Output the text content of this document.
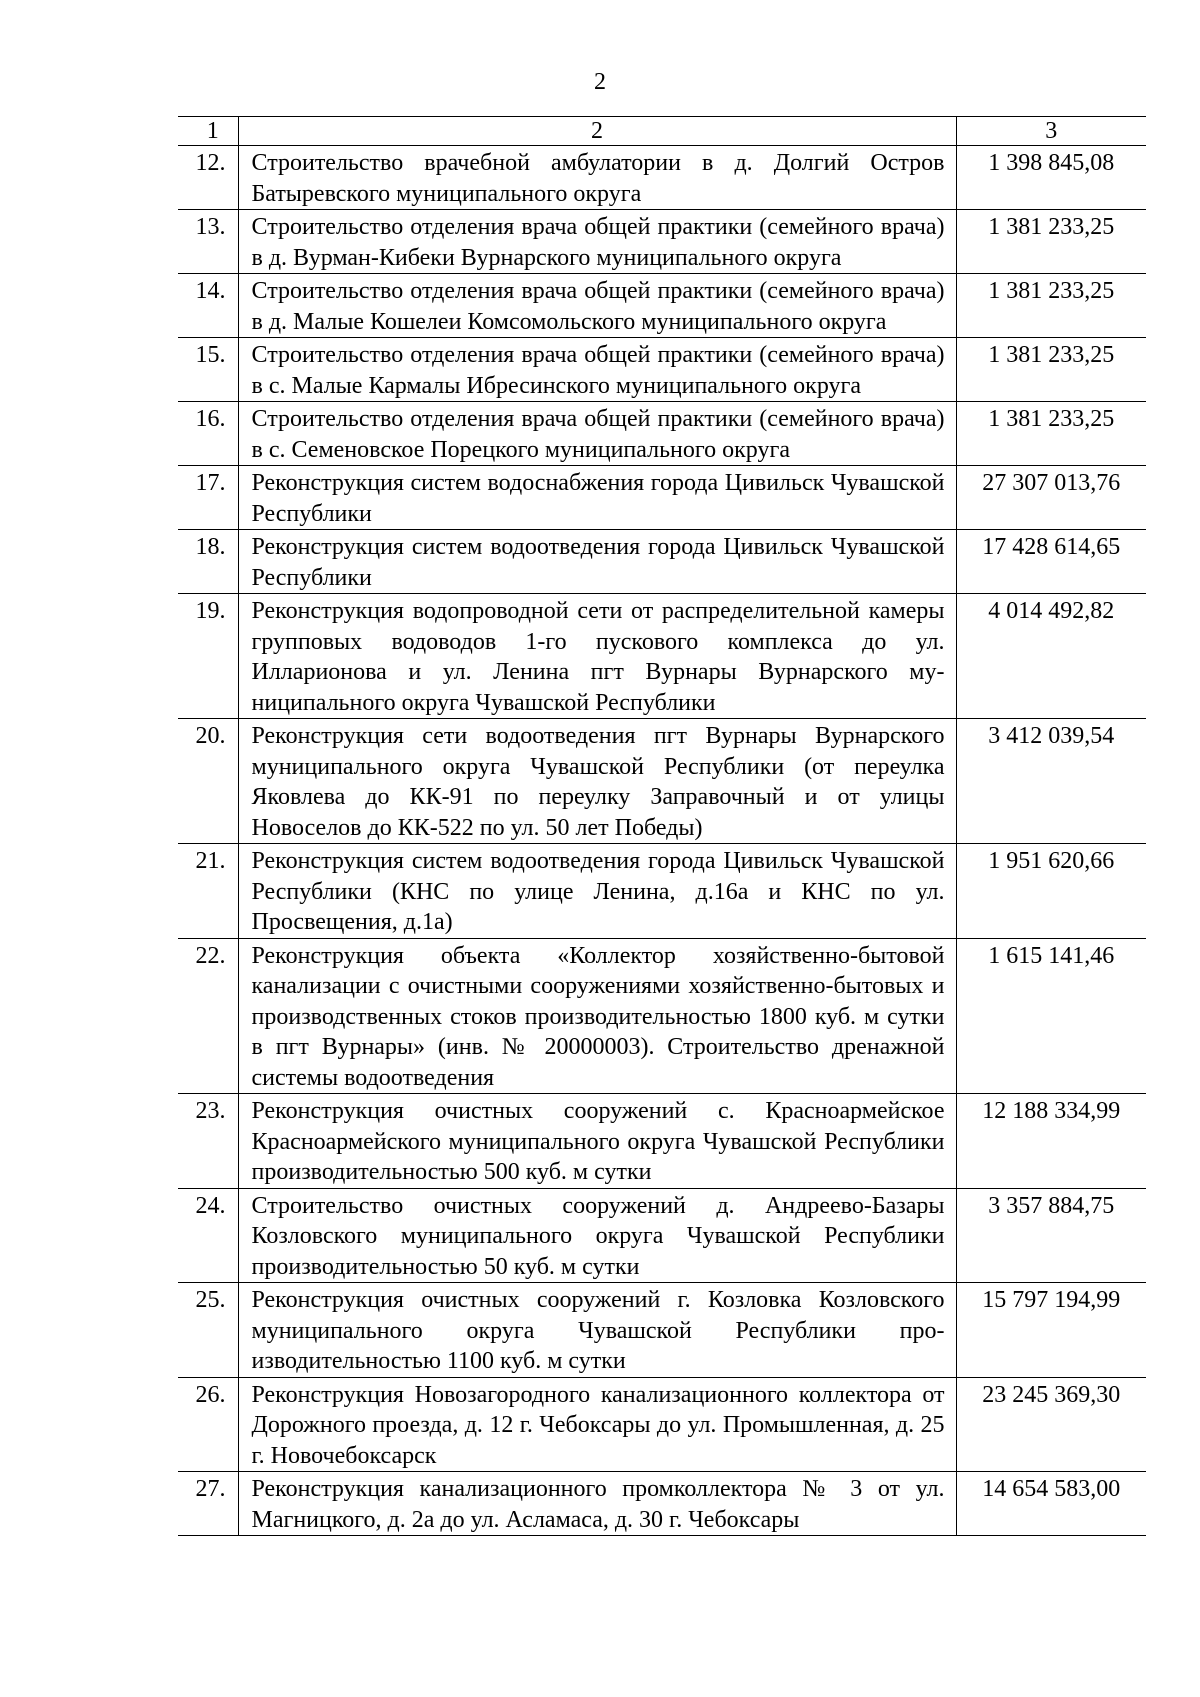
2
1	2	3
12.	Строительство врачебной амбулатории в д. Долгий Остров Батыревского муниципального округа	1 398 845,08
13.	Строительство отделения врача общей практики (семейного врача) в д. Вурман-Кибеки Вурнарского муниципального округа	1 381 233,25
14.	Строительство отделения врача общей практики (семейного врача) в д. Малые Кошелеи Комсомольского муниципального округа	1 381 233,25
15.	Строительство отделения врача общей практики (семейного врача) в с. Малые Кармалы Ибресинского муниципального округа	1 381 233,25
16.	Строительство отделения врача общей практики (семейного врача) в с. Семеновское Порецкого муниципального округа	1 381 233,25
17.	Реконструкция систем водоснабжения города Цивильск Чувашской Республики	27 307 013,76
18.	Реконструкция систем водоотведения города Цивильск Чувашской Республики	17 428 614,65
19.	Реконструкция водопроводной сети от распределительной камеры групповых водоводов 1-го пускового комплекса до ул. Илларионова и ул. Ленина пгт Вурнары Вурнарского муниципального округа Чувашской Республики	4 014 492,82
20.	Реконструкция сети водоотведения пгт Вурнары Вурнарского муниципального округа Чувашской Республики (от переулка Яковлева до КК-91 по переулку Заправочный и от улицы Новоселов до КК-522 по ул. 50 лет Победы)	3 412 039,54
21.	Реконструкция систем водоотведения города Цивильск Чувашской Республики (КНС по улице Ленина, д.16а и КНС по ул. Просвещения, д.1а)	1 951 620,66
22.	Реконструкция объекта «Коллектор хозяйственно-бытовой канализации с очистными сооружениями хозяйственно-бытовых и производственных стоков производительностью 1800 куб. м сутки в пгт Вурнары» (инв. № 20000003). Строительство дренажной системы водоотведения	1 615 141,46
23.	Реконструкция очистных сооружений с. Красноармейское Красноармейского муниципального округа Чувашской Республики производительностью 500 куб. м сутки	12 188 334,99
24.	Строительство очистных сооружений д. Андреево-Базары Козловского муниципального округа Чувашской Республики производительностью 50 куб. м сутки	3 357 884,75
25.	Реконструкция очистных сооружений г. Козловка Козловского муниципального округа Чувашской Республики производительностью 1100 куб. м сутки	15 797 194,99
26.	Реконструкция Новозагородного канализационного коллектора от Дорожного проезда, д. 12 г. Чебоксары до ул. Промышленная, д. 25 г. Новочебоксарск	23 245 369,30
27.	Реконструкция канализационного промколлектора № 3 от ул. Магницкого, д. 2а до ул. Асламаса, д. 30 г. Чебоксары	14 654 583,00
